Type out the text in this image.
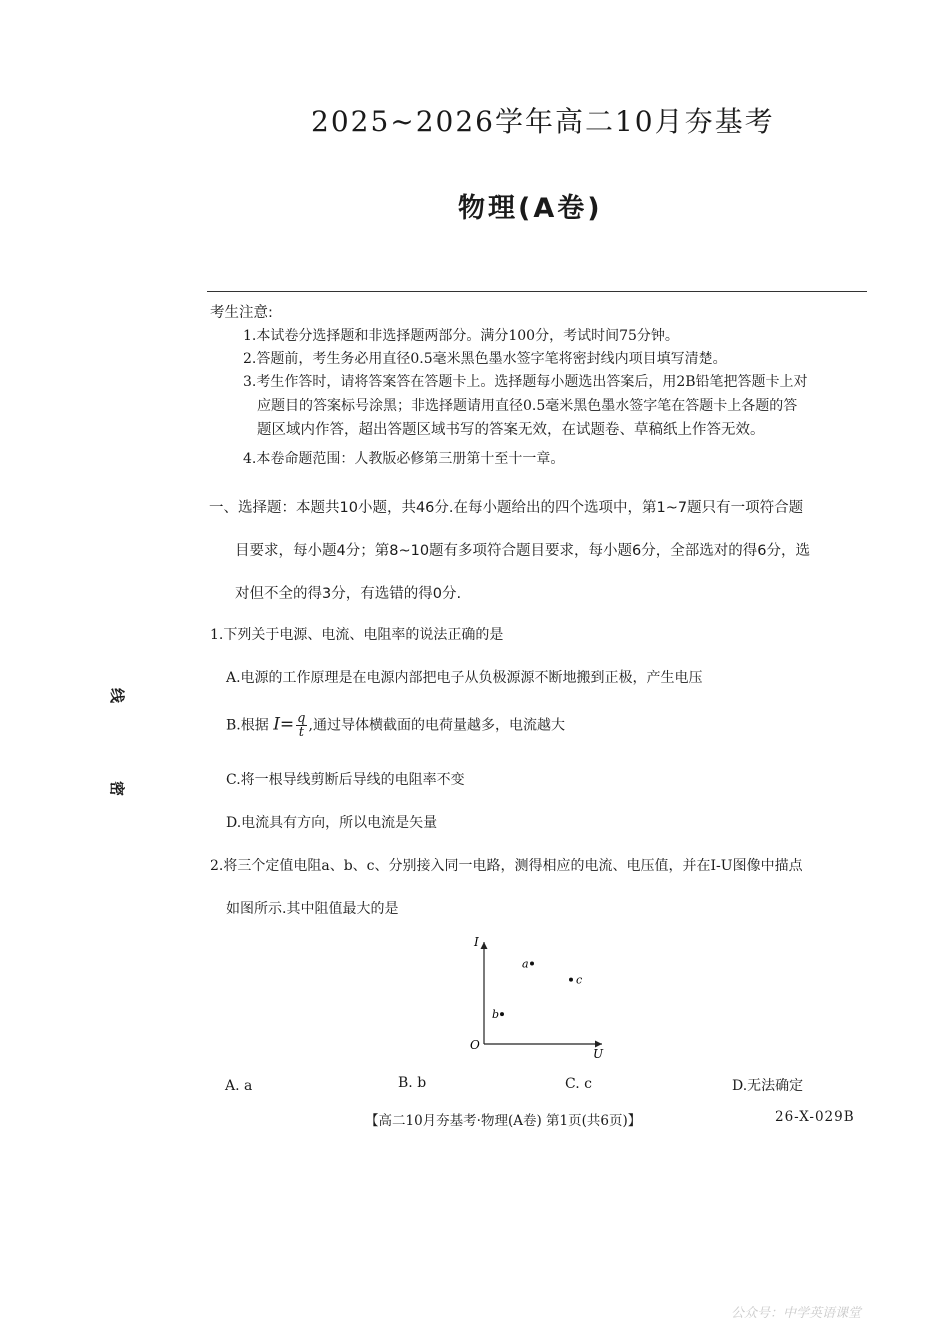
2025~2026学年高二10月夯基考
物理(A卷)
考生注意:
1.本试卷分选择题和非选择题两部分。满分100分，考试时间75分钟。
2.答题前，考生务必用直径0.5毫米黑色墨水签字笔将密封线内项目填写清楚。
3.考生作答时，请将答案答在答题卡上。选择题每小题选出答案后，用2B铅笔把答题卡上对
应题目的答案标号涂黑；非选择题请用直径0.5毫米黑色墨水签字笔在答题卡上各题的答
题区域内作答，超出答题区域书写的答案无效，在试题卷、草稿纸上作答无效。
4.本卷命题范围：人教版必修第三册第十至十一章。
一、选择题：本题共10小题，共46分.在每小题给出的四个选项中，第1~7题只有一项符合题
目要求，每小题4分；第8~10题有多项符合题目要求，每小题6分，全部选对的得6分，选
对但不全的得3分，有选错的得0分.
1.下列关于电源、电流、电阻率的说法正确的是
A.电源的工作原理是在电源内部把电子从负极源源不断地搬到正极，产生电压
B.根据 $I= \frac{q}{t}$ ,通过导体横截面的电荷量越多，电流越大
C.将一根导线剪断后导线的电阻率不变
D.电流具有方向，所以电流是矢量
2.将三个定值电阻a、b、c、分别接入同一电路，测得相应的电流、电压值，并在I-U图像中描点
如图所示.其中阻值最大的是
I
U
O
a
b
c
A. a	B. b	C. c	D.无法确定
线
密
【高二10月夯基考·物理(A卷) 第1页(共6页)】	26-X-029B
公众号：中学英语课堂
